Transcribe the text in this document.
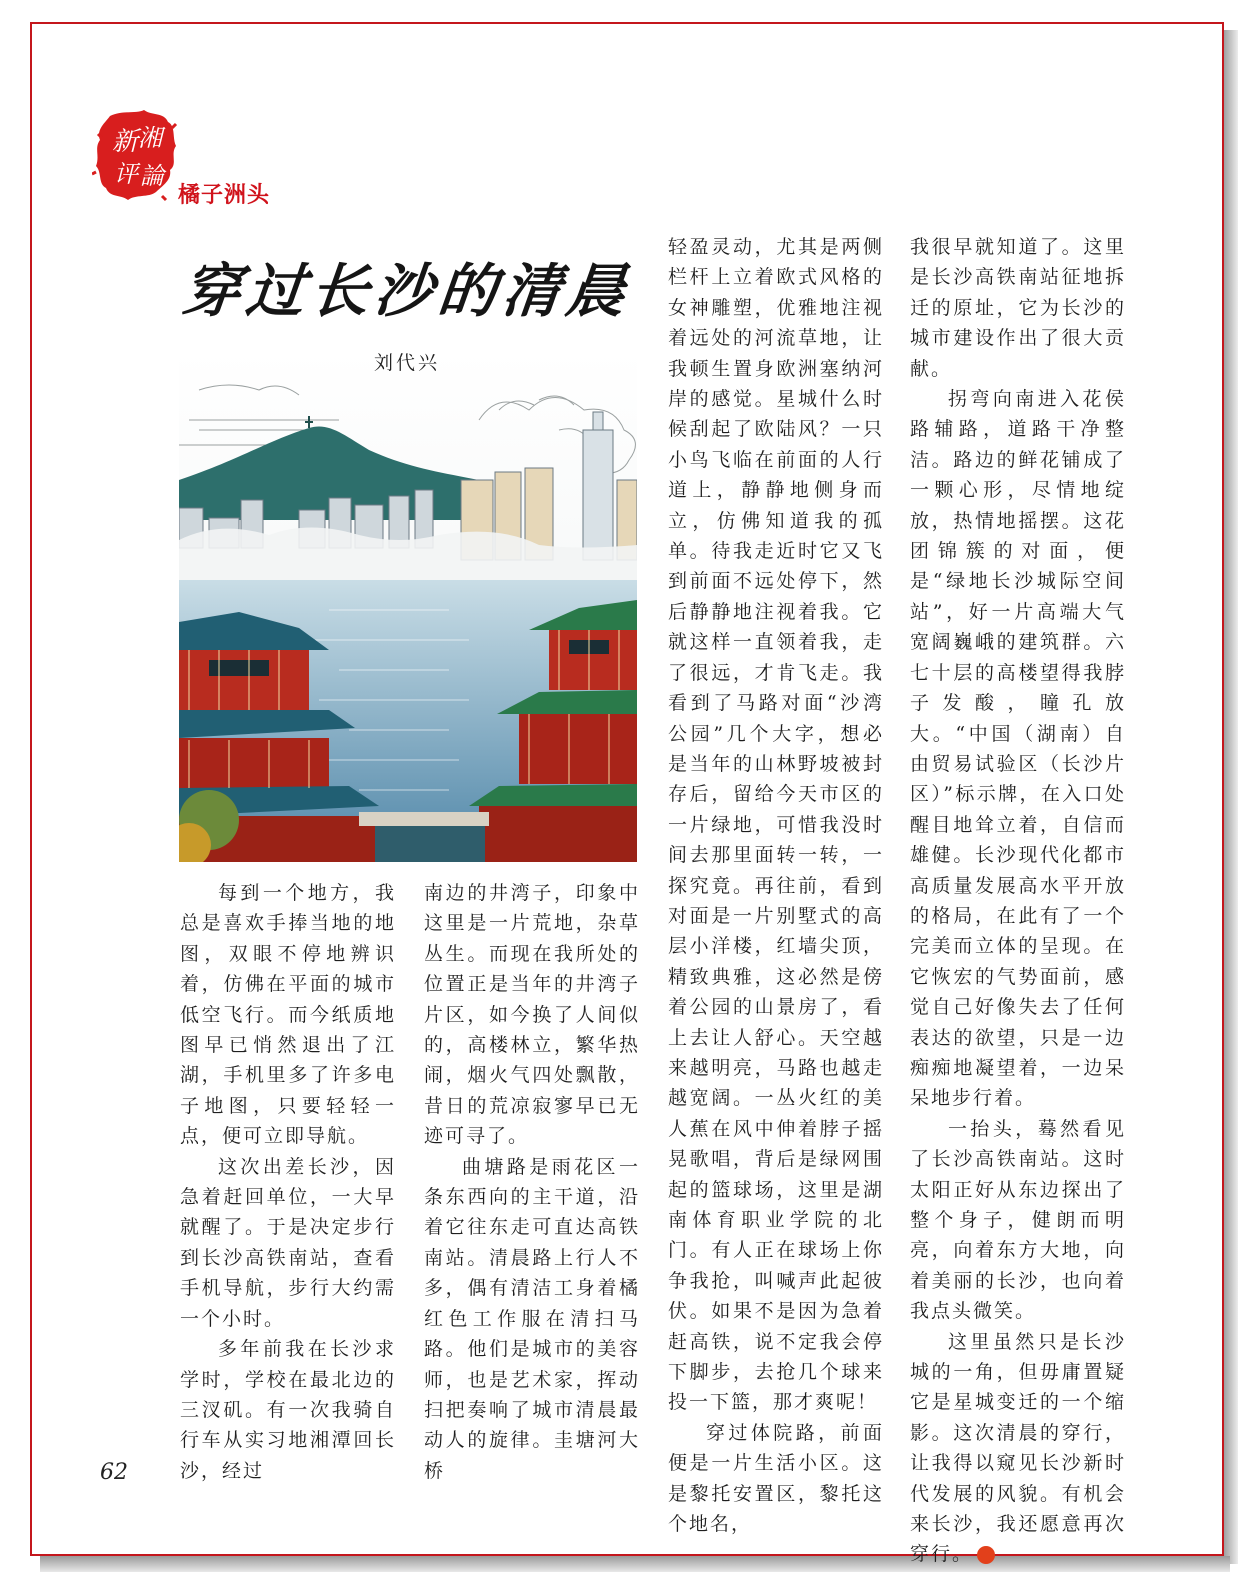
新 湘
评 論
橘子洲头
穿过长沙的清晨
刘代兴

每到一个地方，我总是喜欢手捧当地的地图，双眼不停地辨识着，仿佛在平面的城市低空飞行。而今纸质地图早已悄然退出了江湖，手机里多了许多电子地图，只要轻轻一点，便可立即导航。

这次出差长沙，因急着赶回单位，一大早就醒了。于是决定步行到长沙高铁南站，查看手机导航，步行大约需一个小时。

多年前我在长沙求学时，学校在最北边的三汊矶。有一次我骑自行车从实习地湘潭回长沙，经过

南边的井湾子，印象中这里是一片荒地，杂草丛生。而现在我所处的位置正是当年的井湾子片区，如今换了人间似的，高楼林立，繁华热闹，烟火气四处飘散，昔日的荒凉寂寥早已无迹可寻了。

曲塘路是雨花区一条东西向的主干道，沿着它往东走可直达高铁南站。清晨路上行人不多，偶有清洁工身着橘红色工作服在清扫马路。他们是城市的美容师，也是艺术家，挥动扫把奏响了城市清晨最动人的旋律。圭塘河大桥

轻盈灵动，尤其是两侧栏杆上立着欧式风格的女神雕塑，优雅地注视着远处的河流草地，让我顿生置身欧洲塞纳河岸的感觉。星城什么时候刮起了欧陆风？一只小鸟飞临在前面的人行道上，静静地侧身而立，仿佛知道我的孤单。待我走近时它又飞到前面不远处停下，然后静静地注视着我。它就这样一直领着我，走了很远，才肯飞走。我看到了马路对面“沙湾公园”几个大字，想必是当年的山林野坡被封存后，留给今天市区的一片绿地，可惜我没时间去那里面转一转，一探究竟。再往前，看到对面是一片别墅式的高层小洋楼，红墙尖顶，精致典雅，这必然是傍着公园的山景房了，看上去让人舒心。天空越来越明亮，马路也越走越宽阔。一丛火红的美人蕉在风中伸着脖子摇晃歌唱，背后是绿网围起的篮球场，这里是湖南体育职业学院的北门。有人正在球场上你争我抢，叫喊声此起彼伏。如果不是因为急着赶高铁，说不定我会停下脚步，去抢几个球来投一下篮，那才爽呢！

穿过体院路，前面便是一片生活小区。这是黎托安置区，黎托这个地名，

我很早就知道了。这里是长沙高铁南站征地拆迁的原址，它为长沙的城市建设作出了很大贡献。

拐弯向南进入花侯路辅路，道路干净整洁。路边的鲜花铺成了一颗心形，尽情地绽放，热情地摇摆。这花团锦簇的对面，便是“绿地长沙城际空间站”，好一片高端大气宽阔巍峨的建筑群。六七十层的高楼望得我脖子发酸，瞳孔放大。“中国（湖南）自由贸易试验区（长沙片区）”标示牌，在入口处醒目地耸立着，自信而雄健。长沙现代化都市高质量发展高水平开放的格局，在此有了一个完美而立体的呈现。在它恢宏的气势面前，感觉自己好像失去了任何表达的欲望，只是一边痴痴地凝望着，一边呆呆地步行着。

一抬头，蓦然看见了长沙高铁南站。这时太阳正好从东边探出了整个身子，健朗而明亮，向着东方大地，向着美丽的长沙，也向着我点头微笑。

这里虽然只是长沙城的一角，但毋庸置疑它是星城变迁的一个缩影。这次清晨的穿行，让我得以窥见长沙新时代发展的风貌。有机会来长沙，我还愿意再次穿行。

62
